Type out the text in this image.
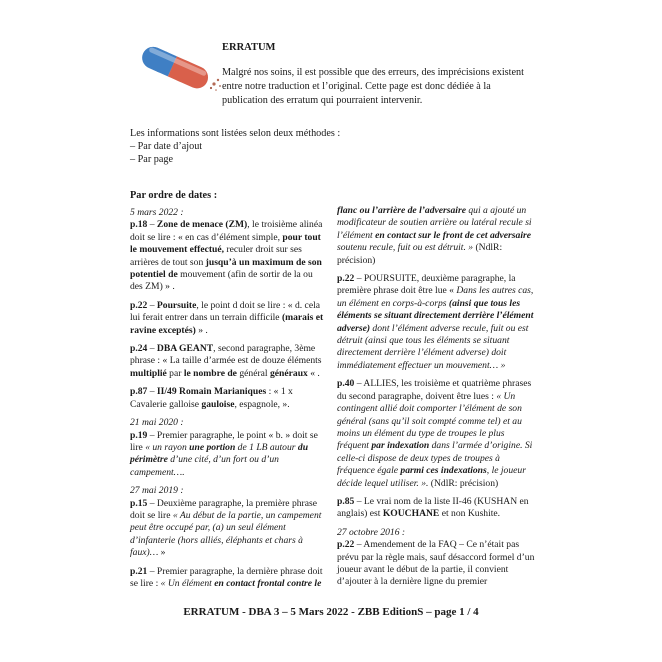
ERRATUM
Malgré nos soins, il est possible que des erreurs, des imprécisions existent entre notre traduction et l’original. Cette page est donc dédiée à la publication des erratum qui pourraient intervenir.
Les informations sont listées selon deux méthodes :
– Par date d’ajout
– Par page
Par ordre de dates :
5 mars 2022 :

p.18 – Zone de menace (ZM), le troisième alinéa doit se lire : « en cas d’élément simple, pour tout le mouvement effectué, reculer droit sur ses arrières de tout son jusqu’à un maximum de son potentiel de mouvement (afin de sortir de la ou des ZM) » .

p.22 – Poursuite, le point d doit se lire : « d. cela lui ferait entrer dans un terrain difficile (marais et ravine exceptés) » .

p.24 – DBA GEANT, second paragraphe, 3ème phrase : « La taille d’armée est de douze éléments multiplié par le nombre de général généraux « .

p.87 – II/49 Romain Marianiques : « 1 x Cavalerie galloise gauloise, espagnole, ».

21 mai 2020 :

p.19 – Premier paragraphe, le point « b. » doit se lire « un rayon une portion de 1 LB autour du périmètre d’une cité, d’un fort ou d’un campement….

27 mai 2019 :

p.15 – Deuxième paragraphe, la première phrase doit se lire « Au début de la partie, un campement peut être occupé par, (a) un seul élément d’infanterie (hors alliés, éléphants et chars à faux)… »

p.21 – Premier paragraphe, la dernière phrase doit se lire : « Un élément en contact frontal contre le

flanc ou l’arrière de l’adversaire qui a ajouté un modificateur de soutien arrière ou latéral recule si l’élément en contact sur le front de cet adversaire soutenu recule, fuit ou est détruit. » (NdlR: précision)

p.22 – POURSUITE, deuxième paragraphe, la première phrase doit être lue « Dans les autres cas, un élément en corps-à-corps (ainsi que tous les éléments se situant directement derrière l’élément adverse) dont l’élément adverse recule, fuit ou est détruit (ainsi que tous les éléments se situant directement derrière l’élément adverse) doit immédiatement effectuer un mouvement… »

p.40 – ALLIES, les troisième et quatrième phrases du second paragraphe, doivent être lues : « Un contingent allié doit comporter l’élément de son général (sans qu’il soit compté comme tel) et au moins un élément du type de troupes le plus fréquent par indexation dans l’armée d’origine. Si celle-ci dispose de deux types de troupes à fréquence égale parmi ces indexations, le joueur décide lequel utiliser. ». (NdlR: précision)

p.85 – Le vrai nom de la liste II-46 (KUSHAN en anglais) est KOUCHANE et non Kushite.

27 octobre 2016 :

p.22 – Amendement de la FAQ – Ce n’était pas prévu par la règle mais, sauf désaccord formel d’un joueur avant le début de la partie, il convient d’ajouter à la dernière ligne du premier

ERRATUM - DBA 3 – 5 Mars 2022 - ZBB EditionS – page 1 / 4
